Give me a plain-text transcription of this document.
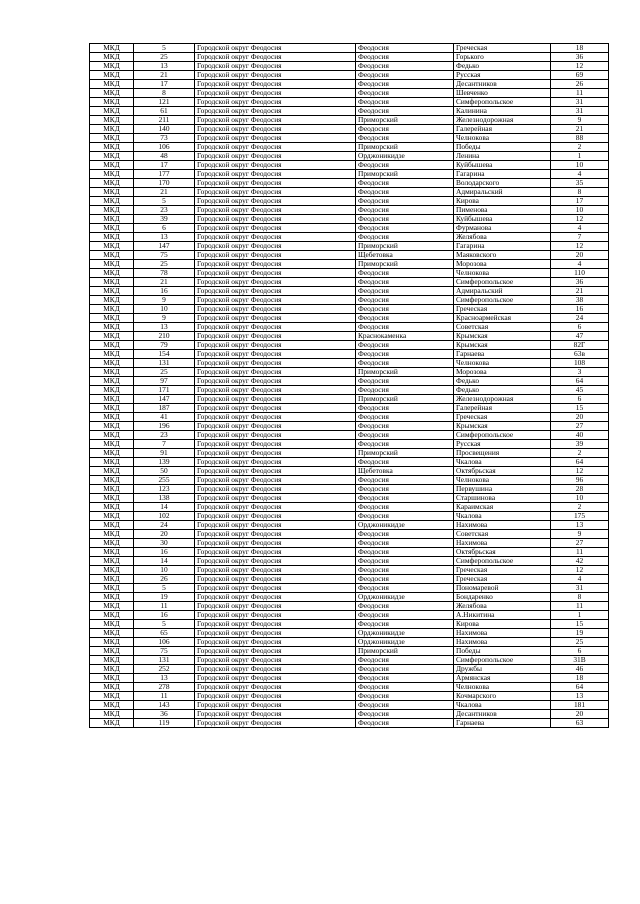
МКД	5	Городской округ Феодосия	Феодосия	Греческая	18
МКД	25	Городской округ Феодосия	Феодосия	Горького	36
МКД	13	Городской округ Феодосия	Феодосия	Федько	12
МКД	21	Городской округ Феодосия	Феодосия	Русская	69
МКД	17	Городской округ Феодосия	Феодосия	Десантников	26
МКД	8	Городской округ Феодосия	Феодосия	Шевченко	11
МКД	121	Городской округ Феодосия	Феодосия	Симферопольское	31
МКД	61	Городской округ Феодосия	Феодосия	Калинина	31
МКД	211	Городской округ Феодосия	Приморский	Железнодорожная	9
МКД	140	Городской округ Феодосия	Феодосия	Галерейная	21
МКД	73	Городской округ Феодосия	Феодосия	Челнокова	88
МКД	106	Городской округ Феодосия	Приморский	Победы	2
МКД	48	Городской округ Феодосия	Орджоникидзе	Ленина	1
МКД	17	Городской округ Феодосия	Феодосия	Куйбышева	10
МКД	177	Городской округ Феодосия	Приморский	Гагарина	4
МКД	170	Городской округ Феодосия	Феодосия	Володарского	35
МКД	21	Городской округ Феодосия	Феодосия	Адмиральский	8
МКД	5	Городской округ Феодосия	Феодосия	Кирова	17
МКД	23	Городской округ Феодосия	Феодосия	Пименова	10
МКД	39	Городской округ Феодосия	Феодосия	Куйбышева	12
МКД	6	Городской округ Феодосия	Феодосия	Фурманова	4
МКД	13	Городской округ Феодосия	Феодосия	Желябова	7
МКД	147	Городской округ Феодосия	Приморский	Гагарина	12
МКД	75	Городской округ Феодосия	Щебетовка	Маяковского	20
МКД	25	Городской округ Феодосия	Приморский	Морозова	4
МКД	78	Городской округ Феодосия	Феодосия	Челнокова	110
МКД	21	Городской округ Феодосия	Феодосия	Симферопольское	36
МКД	16	Городской округ Феодосия	Феодосия	Адмиральский	21
МКД	9	Городской округ Феодосия	Феодосия	Симферопольское	38
МКД	10	Городской округ Феодосия	Феодосия	Греческая	16
МКД	9	Городской округ Феодосия	Феодосия	Красноармейская	24
МКД	13	Городской округ Феодосия	Феодосия	Советская	6
МКД	210	Городской округ Феодосия	Краснокаменка	Крымская	47
МКД	79	Городской округ Феодосия	Феодосия	Крымская	82Г
МКД	154	Городской округ Феодосия	Феодосия	Гарнаева	63в
МКД	131	Городской округ Феодосия	Феодосия	Челнокова	108
МКД	25	Городской округ Феодосия	Приморский	Морозова	3
МКД	97	Городской округ Феодосия	Феодосия	Федько	64
МКД	171	Городской округ Феодосия	Феодосия	Федько	45
МКД	147	Городской округ Феодосия	Приморский	Железнодорожная	6
МКД	187	Городской округ Феодосия	Феодосия	Галерейная	15
МКД	41	Городской округ Феодосия	Феодосия	Греческая	20
МКД	196	Городской округ Феодосия	Феодосия	Крымская	27
МКД	23	Городской округ Феодосия	Феодосия	Симферопольское	40
МКД	7	Городской округ Феодосия	Феодосия	Русская	39
МКД	91	Городской округ Феодосия	Приморский	Просвещения	2
МКД	139	Городской округ Феодосия	Феодосия	Чкалова	64
МКД	50	Городской округ Феодосия	Щебетовка	Октябрьская	12
МКД	255	Городской округ Феодосия	Феодосия	Челнокова	96
МКД	123	Городской округ Феодосия	Феодосия	Первушина	28
МКД	138	Городской округ Феодосия	Феодосия	Старшинова	10
МКД	14	Городской округ Феодосия	Феодосия	Караимская	2
МКД	102	Городской округ Феодосия	Феодосия	Чкалова	175
МКД	24	Городской округ Феодосия	Орджоникидзе	Нахимова	13
МКД	20	Городской округ Феодосия	Феодосия	Советская	9
МКД	30	Городской округ Феодосия	Феодосия	Нахимова	27
МКД	16	Городской округ Феодосия	Феодосия	Октябрьская	11
МКД	14	Городской округ Феодосия	Феодосия	Симферопольское	42
МКД	10	Городской округ Феодосия	Феодосия	Греческая	12
МКД	26	Городской округ Феодосия	Феодосия	Греческая	4
МКД	5	Городской округ Феодосия	Феодосия	Пономаревой	31
МКД	19	Городской округ Феодосия	Орджоникидзе	Бондаренко	8
МКД	11	Городской округ Феодосия	Феодосия	Желябова	11
МКД	16	Городской округ Феодосия	Феодосия	А.Никитина	1
МКД	5	Городской округ Феодосия	Феодосия	Кирова	15
МКД	65	Городской округ Феодосия	Орджоникидзе	Нахимова	19
МКД	106	Городской округ Феодосия	Орджоникидзе	Нахимова	25
МКД	75	Городской округ Феодосия	Приморский	Победы	6
МКД	131	Городской округ Феодосия	Феодосия	Симферопольское	31В
МКД	252	Городской округ Феодосия	Феодосия	Дружбы	46
МКД	13	Городской округ Феодосия	Феодосия	Армянская	18
МКД	278	Городской округ Феодосия	Феодосия	Челнокова	64
МКД	11	Городской округ Феодосия	Феодосия	Кочмарского	13
МКД	143	Городской округ Феодосия	Феодосия	Чкалова	181
МКД	36	Городской округ Феодосия	Феодосия	Десантников	20
МКД	119	Городской округ Феодосия	Феодосия	Гарнаева	63
